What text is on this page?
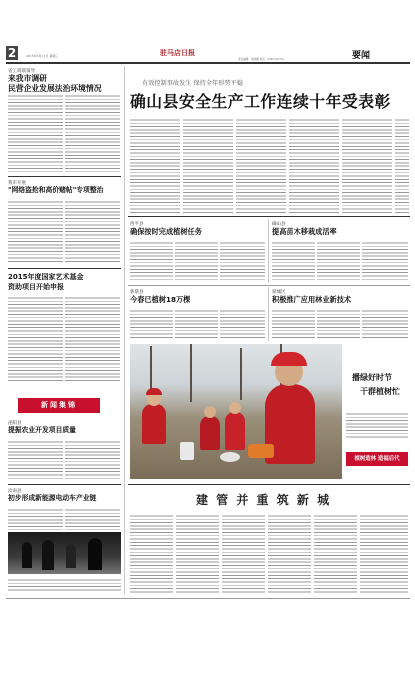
2	2015年3月11日 星期三	驻马店日报
责任编辑：张晓薇 电话：0396-2627xx	要闻
省工商联领导
来我市调研
民营企业发展法治环境情况
我市开展
"网络盗抢和高价赌帖"专项整治
2015年度国家艺术基金
资助项目开始申报
新闻集锦
泌阳县
提振农业开发项目质量
汝南县
初步形成新能源电动车产业链
有效控制事故发生 保持全年形势平稳
确山县安全生产工作连续十年受表彰
西平县
确保按时完成植树任务
确山县
提高苗木移栽成活率
新蔡县
今春已植树18万棵
驿城区
积极推广应用林业新技术
播绿好时节
干群植树忙
植树造林 造福后代
建 管 并 重 筑 新 城
